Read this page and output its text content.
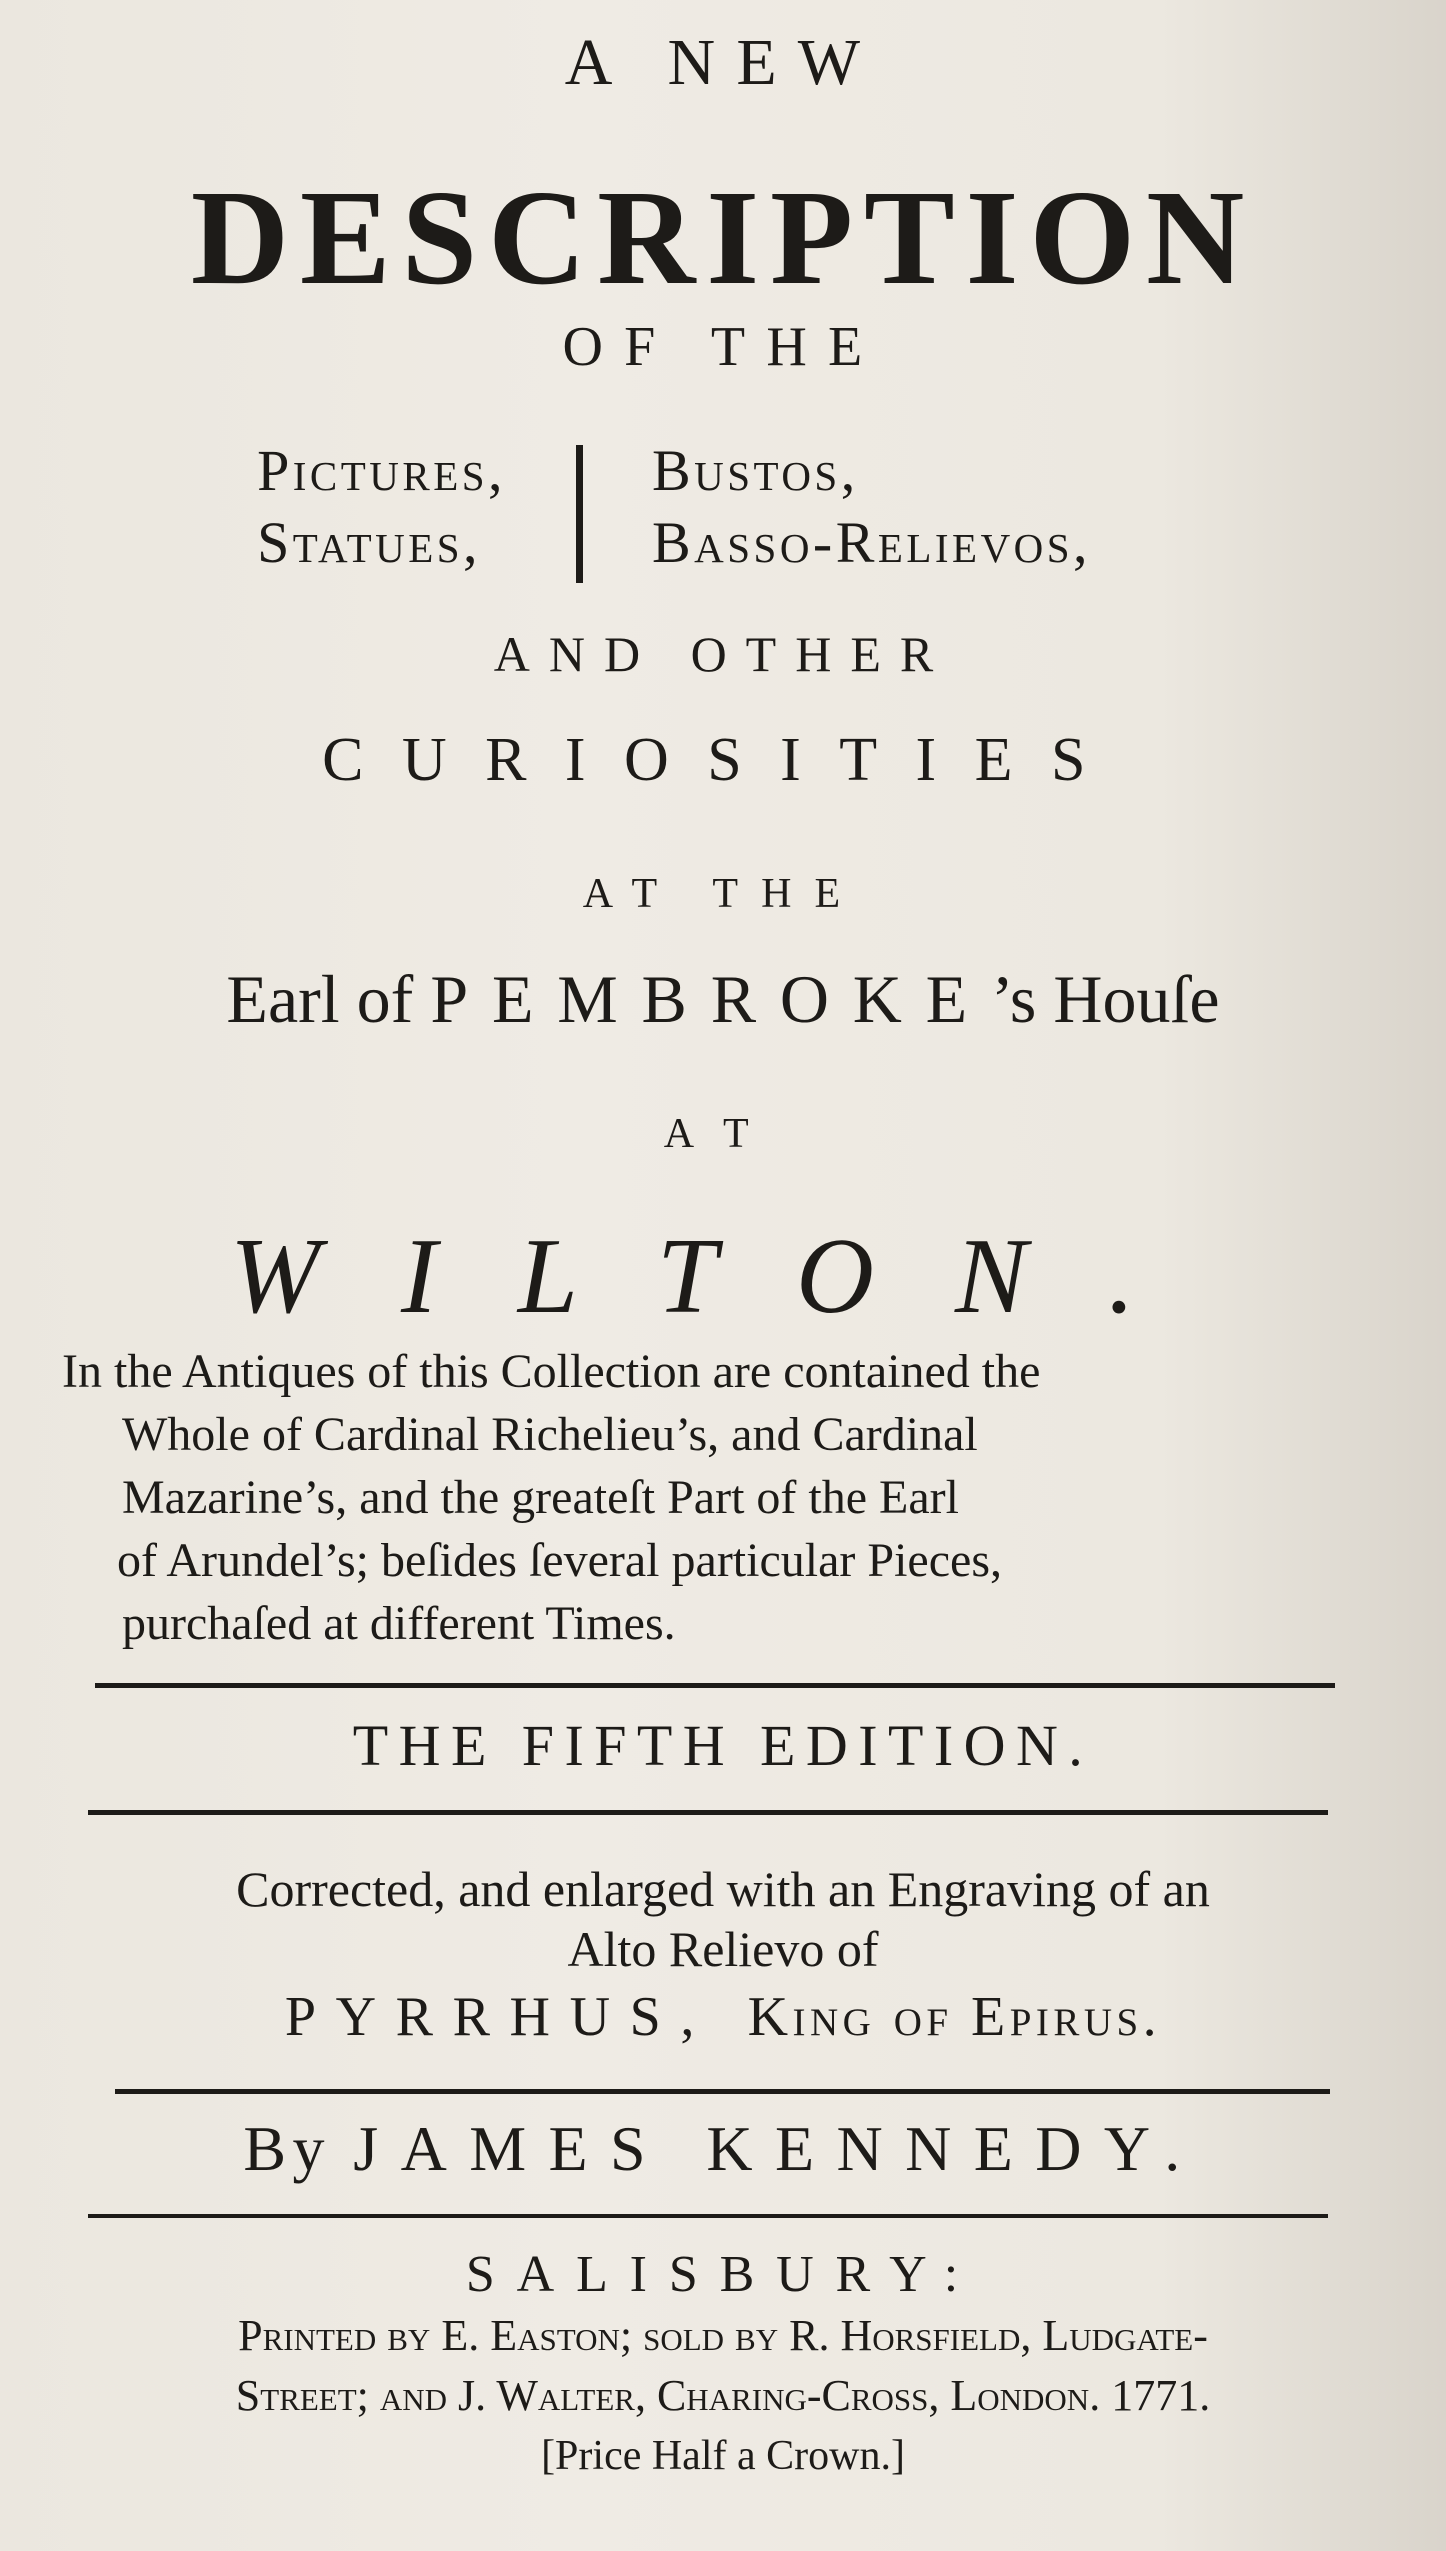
A NEW
DESCRIPTION
OF THE
Pictures,
Statues,
Bustos,
Basso-Relievos,
AND OTHER
CURIOSITIES
AT THE
Earl of PEMBROKE’s Houſe
AT
WILTON.
In the Antiques of this Collection are contained the
Whole of Cardinal Richelieu’s, and Cardinal
Mazarine’s, and the greateſt Part of the Earl
of Arundel’s; beſides ſeveral particular Pieces,
purchaſed at different Times.
THE FIFTH EDITION.
Corrected, and enlarged with an Engraving of an
Alto Relievo of
PYRRHUS, King of Epirus.
By JAMES KENNEDY.
SALISBURY:
Printed by E. Easton; ſold by R. Horsfield, Ludgate-
Street; and J. Walter, Charing-Croſs, London. 1771.
[Price Half a Crown.]
